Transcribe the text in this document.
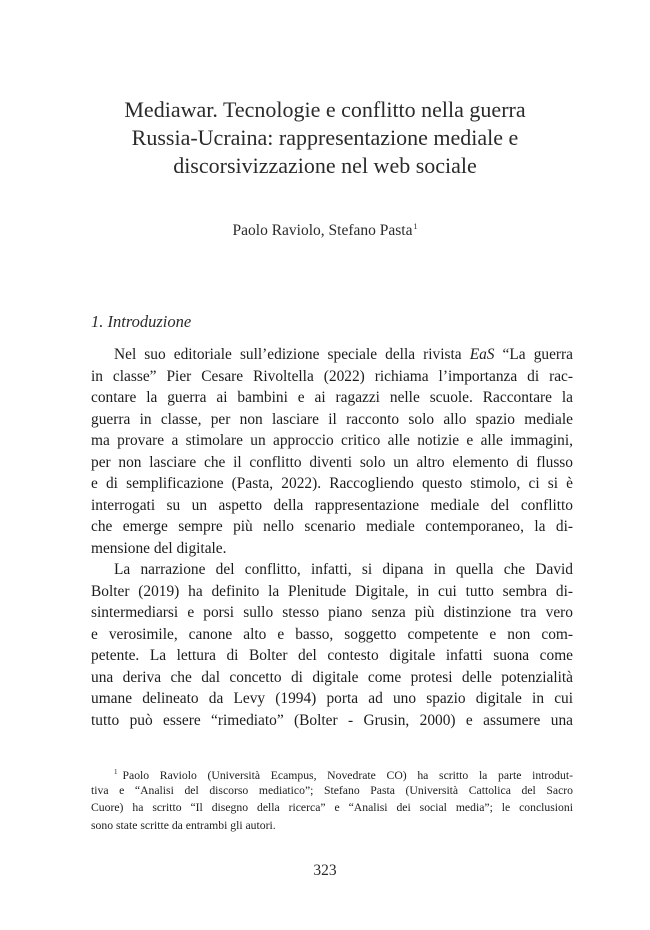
Mediawar. Tecnologie e conflitto nella guerra
Russia-Ucraina: rappresentazione mediale e
discorsivizzazione nel web sociale
Paolo Raviolo, Stefano Pasta$^1$
1. Introduzione
Nel suo editoriale sull’edizione speciale della rivista EaS “La guerra
in classe” Pier Cesare Rivoltella (2022) richiama l’importanza di rac-
contare la guerra ai bambini e ai ragazzi nelle scuole. Raccontare la
guerra in classe, per non lasciare il racconto solo allo spazio mediale
ma provare a stimolare un approccio critico alle notizie e alle immagini,
per non lasciare che il conflitto diventi solo un altro elemento di flusso
e di semplificazione (Pasta, 2022). Raccogliendo questo stimolo, ci si è
interrogati su un aspetto della rappresentazione mediale del conflitto
che emerge sempre più nello scenario mediale contemporaneo, la di-
mensione del digitale.
La narrazione del conflitto, infatti, si dipana in quella che David
Bolter (2019) ha definito la Plenitude Digitale, in cui tutto sembra di-
sintermediarsi e porsi sullo stesso piano senza più distinzione tra vero
e verosimile, canone alto e basso, soggetto competente e non com-
petente. La lettura di Bolter del contesto digitale infatti suona come
una deriva che dal concetto di digitale come protesi delle potenzialità
umane delineato da Levy (1994) porta ad uno spazio digitale in cui
tutto può essere “rimediato” (Bolter - Grusin, 2000) e assumere una
$^1$ Paolo Raviolo (Università Ecampus, Novedrate CO) ha scritto la parte introdut-
tiva e “Analisi del discorso mediatico”; Stefano Pasta (Università Cattolica del Sacro
Cuore) ha scritto “Il disegno della ricerca” e “Analisi dei social media”; le conclusioni
sono state scritte da entrambi gli autori.
323
